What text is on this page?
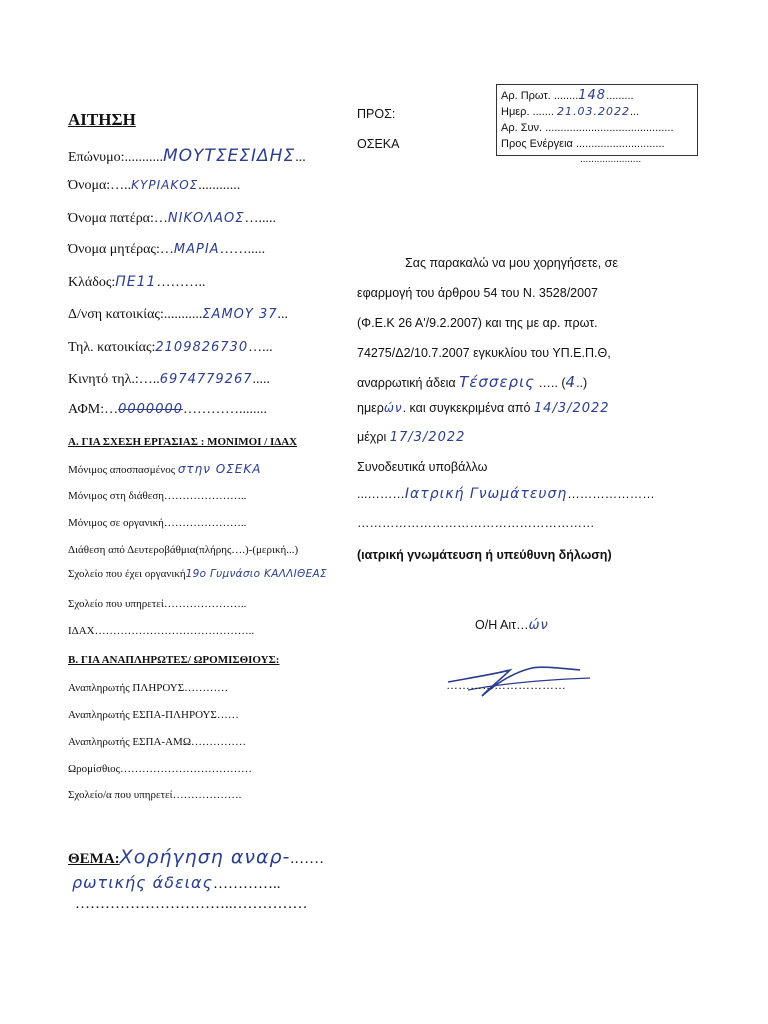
ΑΙΤΗΣΗ	ΠΡΟΣ:
ΟΣΕΚΑ
Αρ. Πρωτ. ........148.........
Ημερ. ....... 21.03.2022...
Αρ. Συν. ..........................................
Προς Ενέργεια .............................
......................
Επώνυμο:...........ΜΟΥΤΣΕΣΙΔΗΣ...
Όνομα:…..ΚΥΡΙΑΚΟΣ............
Όνομα πατέρα:…ΝΙΚΟΛΑΟΣ….....
Όνομα μητέρας:…ΜΑΡΙΑ…….....
Κλάδος:ΠΕ11………..
Δ/νση κατοικίας:...........ΣΑΜΟΥ 37...
Τηλ. κατοικίας:2109826730…...
Κινητό τηλ.:…..6974779267.....
ΑΦΜ:…0000000…………........
Α. ΓΙΑ ΣΧΕΣΗ ΕΡΓΑΣΙΑΣ : ΜΟΝΙΜΟΙ / ΙΔΑΧ
Μόνιμος αποσπασμένος στην ΟΣΕΚΑ
Μόνιμος στη διάθεση…………………..
Μόνιμος σε οργανική…………………..
Διάθεση από Δευτεροβάθμια(πλήρης….)-(μερική...)
Σχολείο που έχει οργανική19ο Γυμνάσιο ΚΑΛΛΙΘΕΑΣ
Σχολείο που υπηρετεί…………………..
ΙΔΑΧ……………………………………..
Β. ΓΙΑ ΑΝΑΠΛΗΡΩΤΕΣ/ ΩΡΟΜΙΣΘΙΟΥΣ:
Αναπληρωτής ΠΛΗΡΟΥΣ…………
Αναπληρωτής ΕΣΠΑ-ΠΛΗΡΟΥΣ……
Αναπληρωτής ΕΣΠΑ-ΑΜΩ……………
Ωρομίσθιος………………………………
Σχολείο/α που υπηρετεί……………….
ΘΕΜΑ:Χορήγηση αναρ-.……
ρωτικής άδειας…………..
…………………………..……………
Σας παρακαλώ να μου χορηγήσετε, σε
εφαρμογή του άρθρου 54 του Ν. 3528/2007
(Φ.Ε.Κ 26 Α'/9.2.2007) και της με αρ. πρωτ.
74275/Δ2/10.7.2007 εγκυκλίου του ΥΠ.Ε.Π.Θ,
αναρρωτική άδεια Τέσσερις ….. (4..)
ημερών. και συγκεκριμένα από 14/3/2022
μέχρι 17/3/2022
Συνοδευτικά υποβάλλω
...………Ιατρική Γνωμάτευση…………………
…………………………………………………
(ιατρική γνωμάτευση ή υπεύθυνη δήλωση)
Ο/Η Αιτ…ών
…………………………
